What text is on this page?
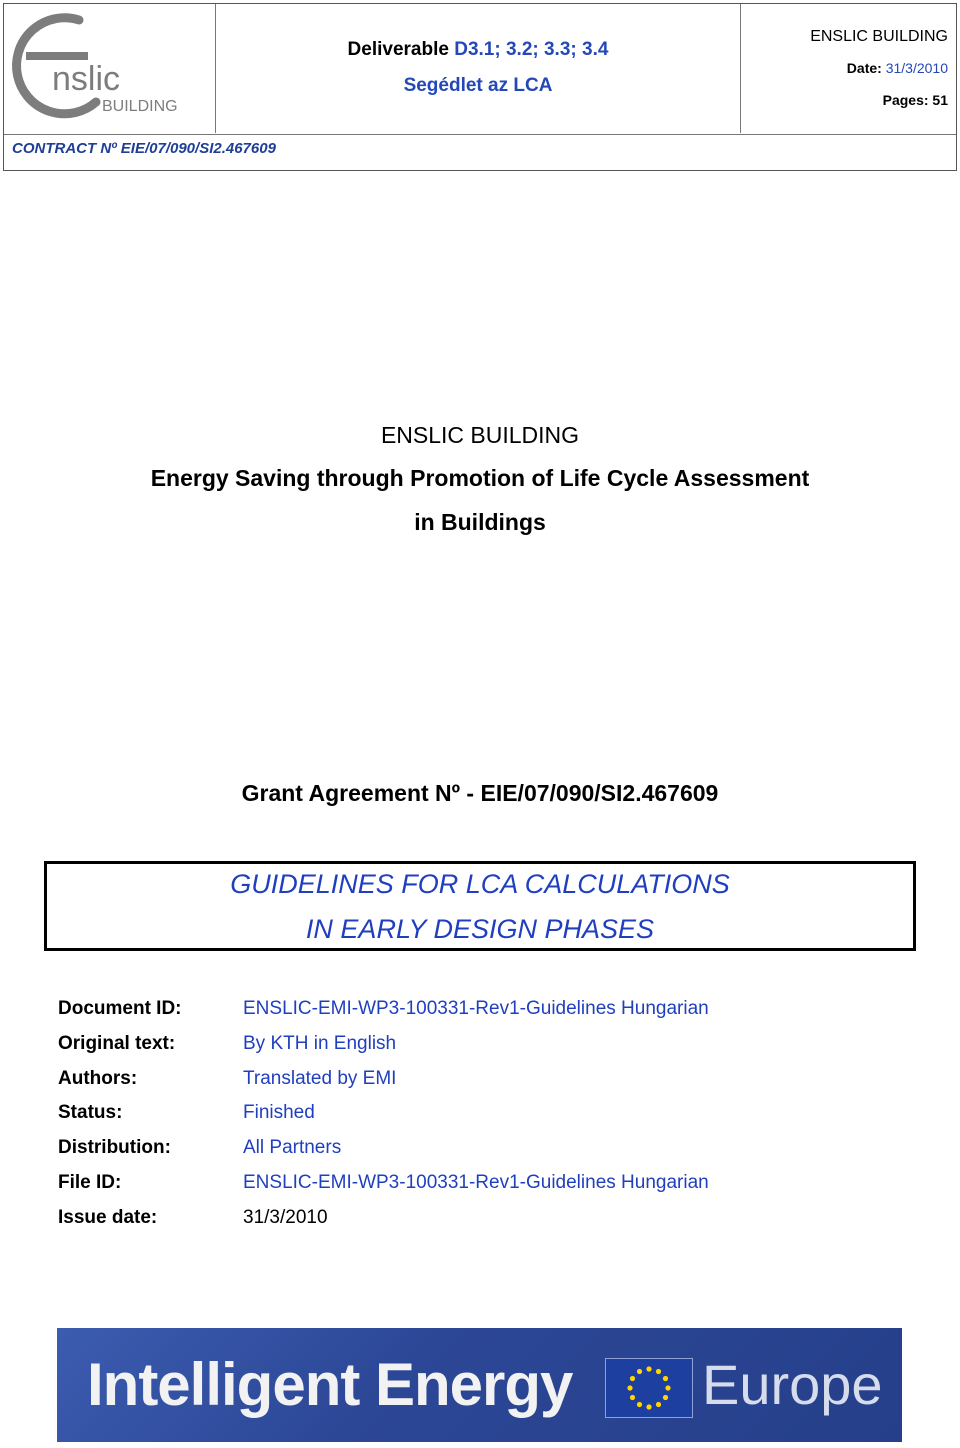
nslic
BUILDING
Deliverable D3.1; 3.2; 3.3; 3.4
Segédlet az LCA
ENSLIC BUILDING
Date: 31/3/2010
Pages: 51
CONTRACT Nº EIE/07/090/SI2.467609
ENSLIC BUILDING
Energy Saving through Promotion of Life Cycle Assessment
in Buildings
Grant Agreement Nº - EIE/07/090/SI2.467609
GUIDELINES FOR LCA CALCULATIONS
IN EARLY DESIGN PHASES
Document ID:	ENSLIC-EMI-WP3-100331-Rev1-Guidelines Hungarian
Original text:	By KTH in English
Authors:	Translated by EMI
Status:	Finished
Distribution:	All Partners
File ID:	ENSLIC-EMI-WP3-100331-Rev1-Guidelines Hungarian
Issue date:	31/3/2010
Intelligent Energy Europe
